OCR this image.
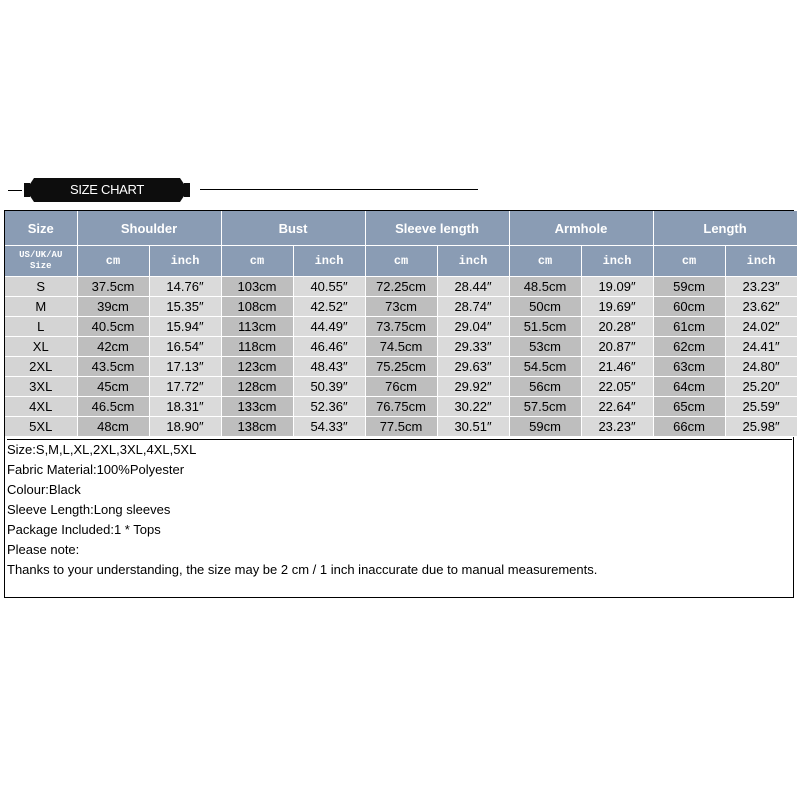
SIZE CHART
Size	Shoulder		Bust		Sleeve length		Armhole		Length	

US/UK/AU
Size	cm	inch	cm	inch	cm	inch	cm	inch	cm	inch
S	37.5cm	14.76″	103cm	40.55″	72.25cm	28.44″	48.5cm	19.09″	59cm	23.23″
M	39cm	15.35″	108cm	42.52″	73cm	28.74″	50cm	19.69″	60cm	23.62″
L	40.5cm	15.94″	113cm	44.49″	73.75cm	29.04″	51.5cm	20.28″	61cm	24.02″
XL	42cm	16.54″	118cm	46.46″	74.5cm	29.33″	53cm	20.87″	62cm	24.41″
2XL	43.5cm	17.13″	123cm	48.43″	75.25cm	29.63″	54.5cm	21.46″	63cm	24.80″
3XL	45cm	17.72″	128cm	50.39″	76cm	29.92″	56cm	22.05″	64cm	25.20″
4XL	46.5cm	18.31″	133cm	52.36″	76.75cm	30.22″	57.5cm	22.64″	65cm	25.59″
5XL	48cm	18.90″	138cm	54.33″	77.5cm	30.51″	59cm	23.23″	66cm	25.98″
Size:S,M,L,XL,2XL,3XL,4XL,5XL
Fabric Material:100%Polyester
Colour:Black
Sleeve Length:Long sleeves
Package Included:1 * Tops
Please note:
Thanks to your understanding, the size may be 2 cm / 1 inch inaccurate due to manual measurements.
